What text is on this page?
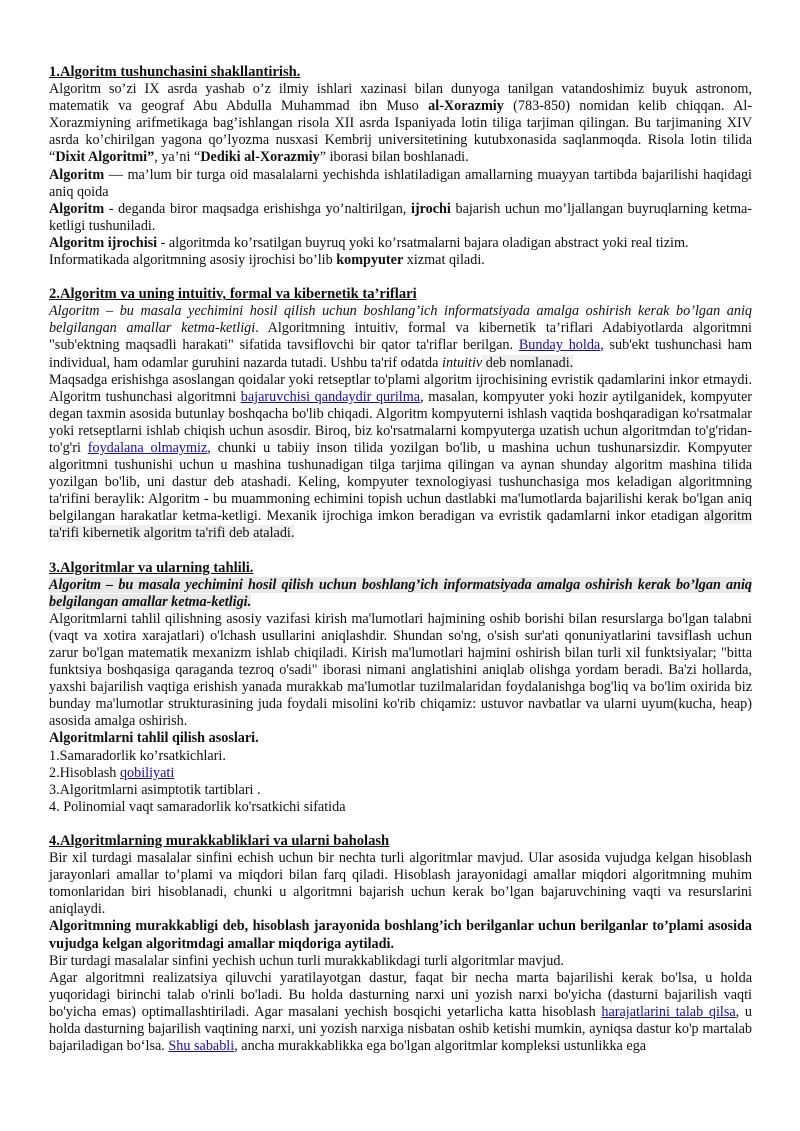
1.Algoritm tushunchasini shakllantirish.

Algoritm so’zi IX asrda yashab o’z ilmiy ishlari xazinasi bilan dunyoga tanilgan vatandoshimiz buyuk astronom, matematik va geograf Abu Abdulla Muhammad ibn Muso al-Xorazmiy (783-850) nomidan kelib chiqqan. Al-Xorazmiyning arifmetikaga bag’ishlangan risola XII asrda Ispaniyada lotin tiliga tarjiman qilingan. Bu tarjimaning XIV asrda ko’chirilgan yagona qo’lyozma nusxasi Kembrij universitetining kutubxonasida saqlanmoqda. Risola lotin tilida “Dixit Algoritmi”, ya’ni “Dediki al-Xorazmiy” iborasi bilan boshlanadi.

Algoritm — ma’lum bir turga oid masalalarni yechishda ishlatiladigan amallarning muayyan tartibda bajarilishi haqidagi aniq qoida

Algoritm - deganda biror maqsadga erishishga yo’naltirilgan, ijrochi bajarish uchun mo’ljallangan buyruqlarning ketma-ketligi tushuniladi.

Algoritm ijrochisi - algoritmda ko’rsatilgan buyruq yoki ko’rsatmalarni bajara oladigan abstract yoki real tizim.

Informatikada algoritmning asosiy ijrochisi bo’lib kompyuter xizmat qiladi.

2.Algoritm va uning intuitiv, formal va kibernetik ta’riflari

Algoritm – bu masala yechimini hosil qilish uchun boshlang’ich informatsiyada amalga oshirish kerak bo’lgan aniq belgilangan amallar ketma-ketligi. Algoritmning intuitiv, formal va kibernetik ta’riflari Adabiyotlarda algoritmni "sub'ektning maqsadli harakati" sifatida tavsiflovchi bir qator ta'riflar berilgan. Bunday holda, sub'ekt tushunchasi ham individual, ham odamlar guruhini nazarda tutadi. Ushbu ta'rif odatda intuitiv deb nomlanadi.

Maqsadga erishishga asoslangan qoidalar yoki retseptlar to'plami algoritm ijrochisining evristik qadamlarini inkor etmaydi. Algoritm tushunchasi algoritmni bajaruvchisi qandaydir qurilma, masalan, kompyuter yoki hozir aytilganidek, kompyuter degan taxmin asosida butunlay boshqacha bo'lib chiqadi. Algoritm kompyuterni ishlash vaqtida boshqaradigan ko'rsatmalar yoki retseptlarni ishlab chiqish uchun asosdir. Biroq, biz ko'rsatmalarni kompyuterga uzatish uchun algoritmdan to'g'ridan-to'g'ri foydalana olmaymiz, chunki u tabiiy inson tilida yozilgan bo'lib, u mashina uchun tushunarsizdir. Kompyuter algoritmni tushunishi uchun u mashina tushunadigan tilga tarjima qilingan va aynan shunday algoritm mashina tilida yozilgan bo'lib, uni dastur deb atashadi. Keling, kompyuter texnologiyasi tushunchasiga mos keladigan algoritmning ta'rifini beraylik: Algoritm - bu muammoning echimini topish uchun dastlabki ma'lumotlarda bajarilishi kerak bo'lgan aniq belgilangan harakatlar ketma-ketligi. Mexanik ijrochiga imkon beradigan va evristik qadamlarni inkor etadigan algoritm ta'rifi kibernetik algoritm ta'rifi deb ataladi.

3.Algoritmlar va ularning tahlili.

Algoritm – bu masala yechimini hosil qilish uchun boshlang’ich informatsiyada amalga oshirish kerak bo’lgan aniq belgilangan amallar ketma-ketligi.

Algoritmlarni tahlil qilishning asosiy vazifasi kirish ma'lumotlari hajmining oshib borishi bilan resurslarga bo'lgan talabni (vaqt va xotira xarajatlari) o'lchash usullarini aniqlashdir. Shundan so'ng, o'sish sur'ati qonuniyatlarini tavsiflash uchun zarur bo'lgan matematik mexanizm ishlab chiqiladi. Kirish ma'lumotlari hajmini oshirish bilan turli xil funktsiyalar; "bitta funktsiya boshqasiga qaraganda tezroq o'sadi" iborasi nimani anglatishini aniqlab olishga yordam beradi. Ba'zi hollarda, yaxshi bajarilish vaqtiga erishish yanada murakkab ma'lumotlar tuzilmalaridan foydalanishga bog'liq va bo'lim oxirida biz bunday ma'lumotlar strukturasining juda foydali misolini ko'rib chiqamiz: ustuvor navbatlar va ularni uyum(kucha, heap) asosida amalga oshirish.

Algoritmlarni tahlil qilish asoslari.

1.Samaradorlik ko’rsatkichlari.

2.Hisoblash qobiliyati

3.Algoritmlarni asimptotik tartiblari .

4. Polinomial vaqt samaradorlik ko'rsatkichi sifatida

4.Algoritmlarning murakkabliklari va ularni baholash

Bir xil turdagi masalalar sinfini echish uchun bir nechta turli algoritmlar mavjud. Ular asosida vujudga kelgan hisoblash jarayonlari amallar to’plami va miqdori bilan farq qiladi. Hisoblash jarayonidagi amallar miqdori algoritmning muhim tomonlaridan biri hisoblanadi, chunki u algoritmni bajarish uchun kerak bo’lgan bajaruvchining vaqti va resurslarini aniqlaydi.

Algoritmning murakkabligi deb, hisoblash jarayonida boshlang’ich berilganlar uchun berilganlar to’plami asosida vujudga kelgan algoritmdagi amallar miqdoriga aytiladi.

Bir turdagi masalalar sinfini yechish uchun turli murakkablikdagi turli algoritmlar mavjud.

Agar algoritmni realizatsiya qiluvchi yaratilayotgan dastur, faqat bir necha marta bajarilishi kerak bo'lsa, u holda yuqoridagi birinchi talab o'rinli bo'ladi. Bu holda dasturning narxi uni yozish narxi bo'yicha (dasturni bajarilish vaqti bo'yicha emas) optimallashtiriladi. Agar masalani yechish bosqichi yetarlicha katta hisoblash harajatlarini talab qilsa, u holda dasturning bajarilish vaqtining narxi, uni yozish narxiga nisbatan oshib ketishi mumkin, ayniqsa dastur ko'p martalab bajariladigan bo‘lsa. Shu sababli, ancha murakkablikka ega bo'lgan algoritmlar kompleksi ustunlikka ega
